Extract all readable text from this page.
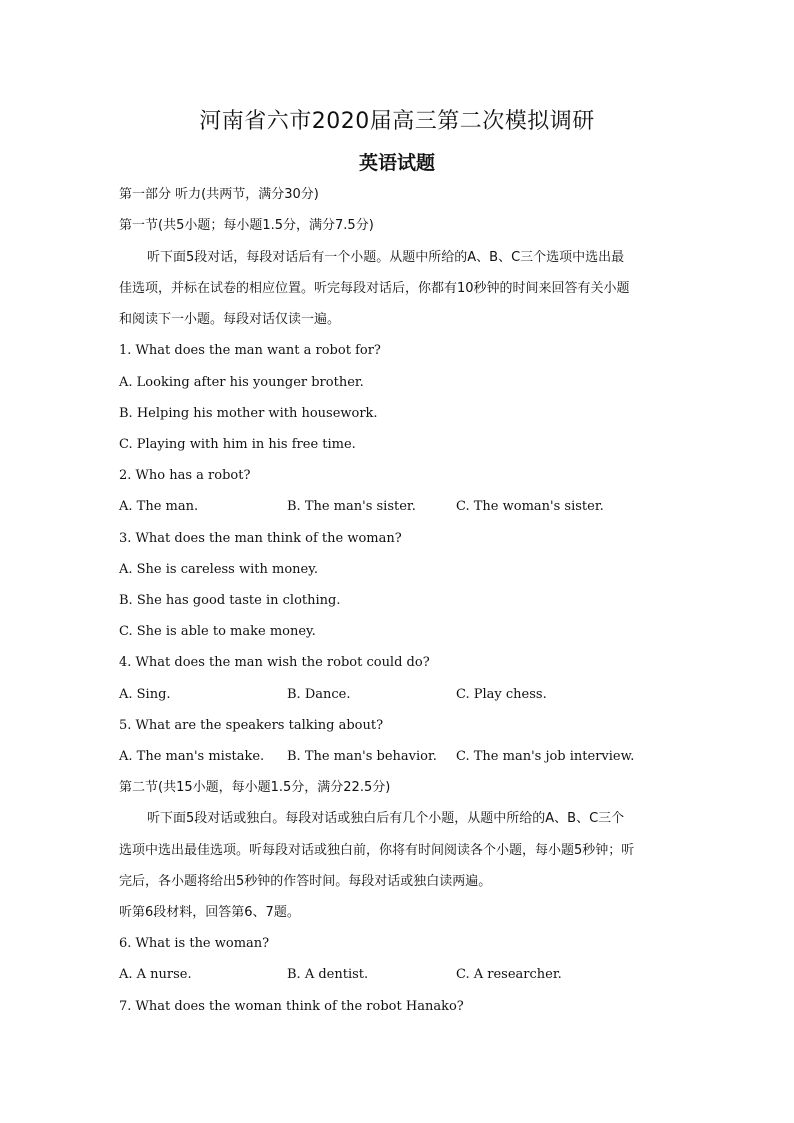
河南省六市2020届高三第二次模拟调研
英语试题
第一部分 听力(共两节，满分30分)
第一节(共5小题；每小题1.5分，满分7.5分)
听下面5段对话，每段对话后有一个小题。从题中所给的A、B、C三个选项中选出最
佳选项，并标在试卷的相应位置。听完每段对话后，你都有10秒钟的时间来回答有关小题
和阅读下一小题。每段对话仅读一遍。
1. What does the man want a robot for?
A. Looking after his younger brother.
B. Helping his mother with housework.
C. Playing with him in his free time.
2. Who has a robot?
A. The man.	B. The man's sister.	C. The woman's sister.
3. What does the man think of the woman?
A. She is careless with money.
B. She has good taste in clothing.
C. She is able to make money.
4. What does the man wish the robot could do?
A. Sing.	B. Dance.	C. Play chess.
5. What are the speakers talking about?
A. The man's mistake. B. The man's behavior. C. The man's job interview.
第二节(共15小题，每小题1.5分，满分22.5分)
听下面5段对话或独白。每段对话或独白后有几个小题，从题中所给的A、B、C三个
选项中选出最佳选项。听每段对话或独白前，你将有时间阅读各个小题，每小题5秒钟；听
完后，各小题将给出5秒钟的作答时间。每段对话或独白读两遍。
听第6段材料，回答第6、7题。
6. What is the woman?
A. A nurse.	B. A dentist.	C. A researcher.
7. What does the woman think of the robot Hanako?
